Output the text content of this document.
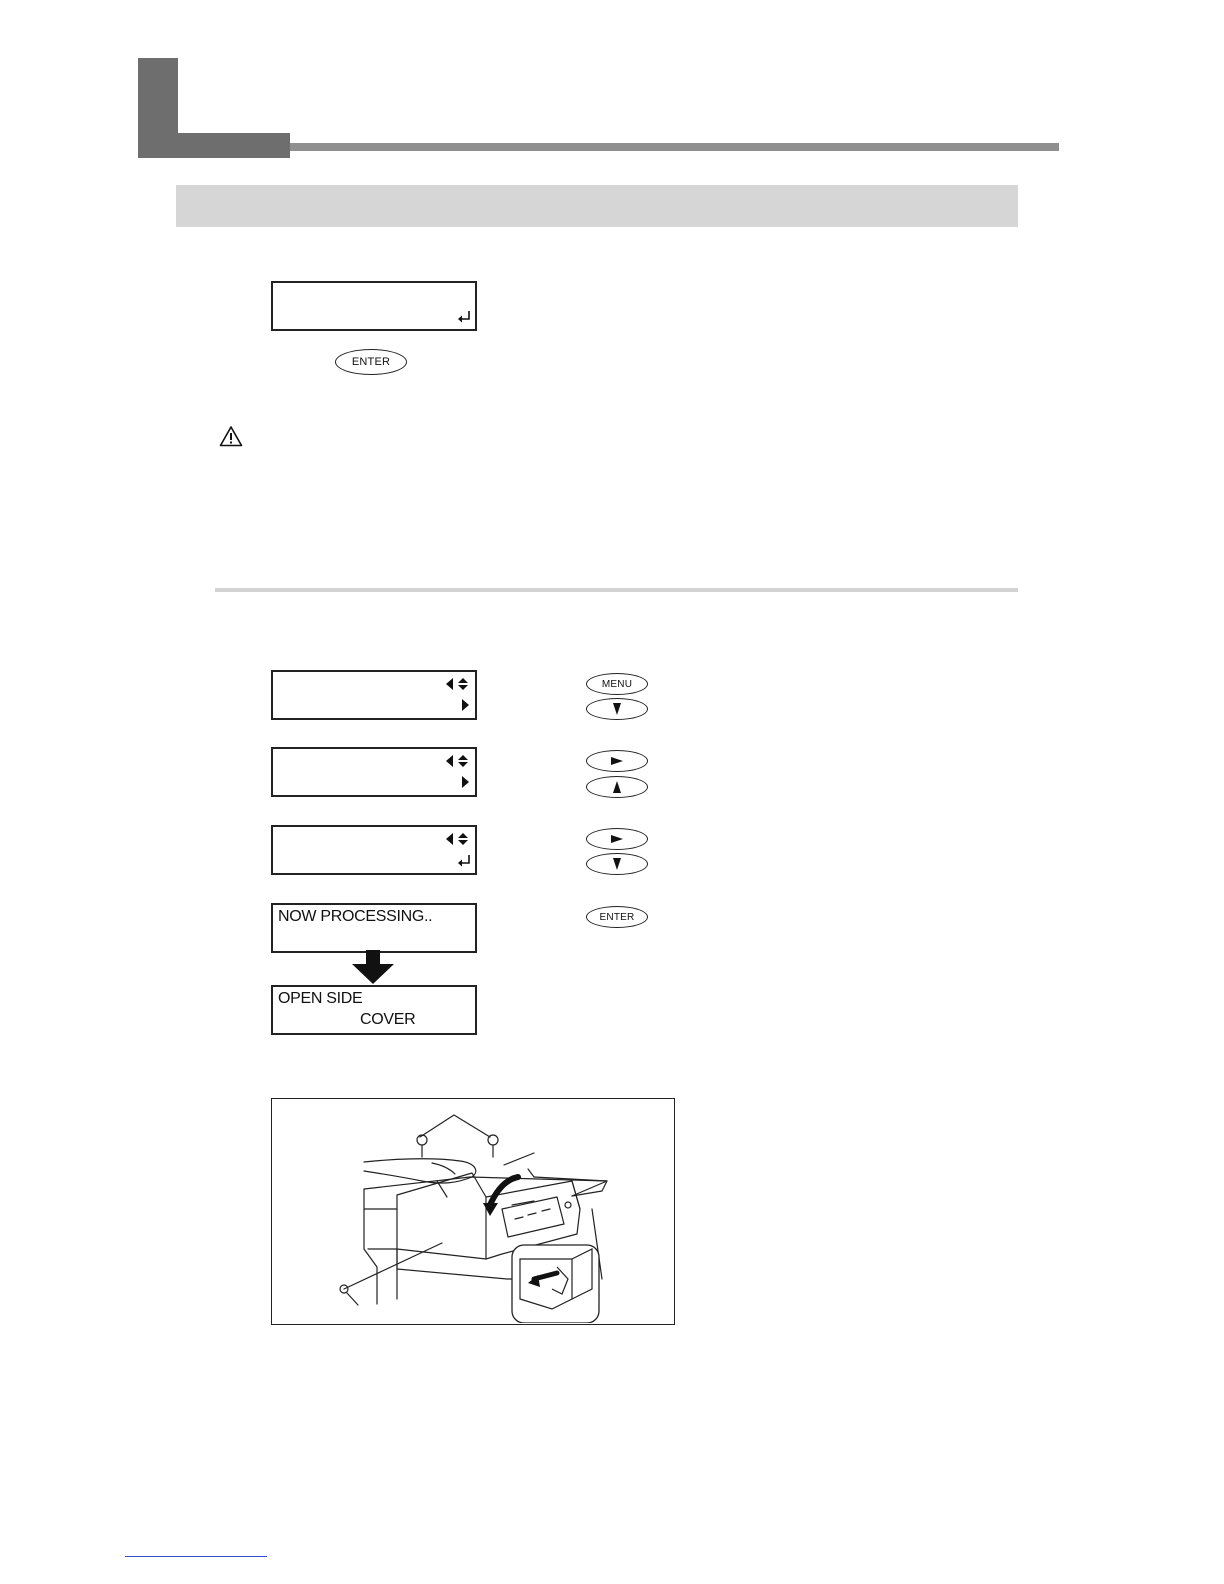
ENTER
MENU
NOW PROCESSING..	ENTER
OPEN SIDE
COVER
